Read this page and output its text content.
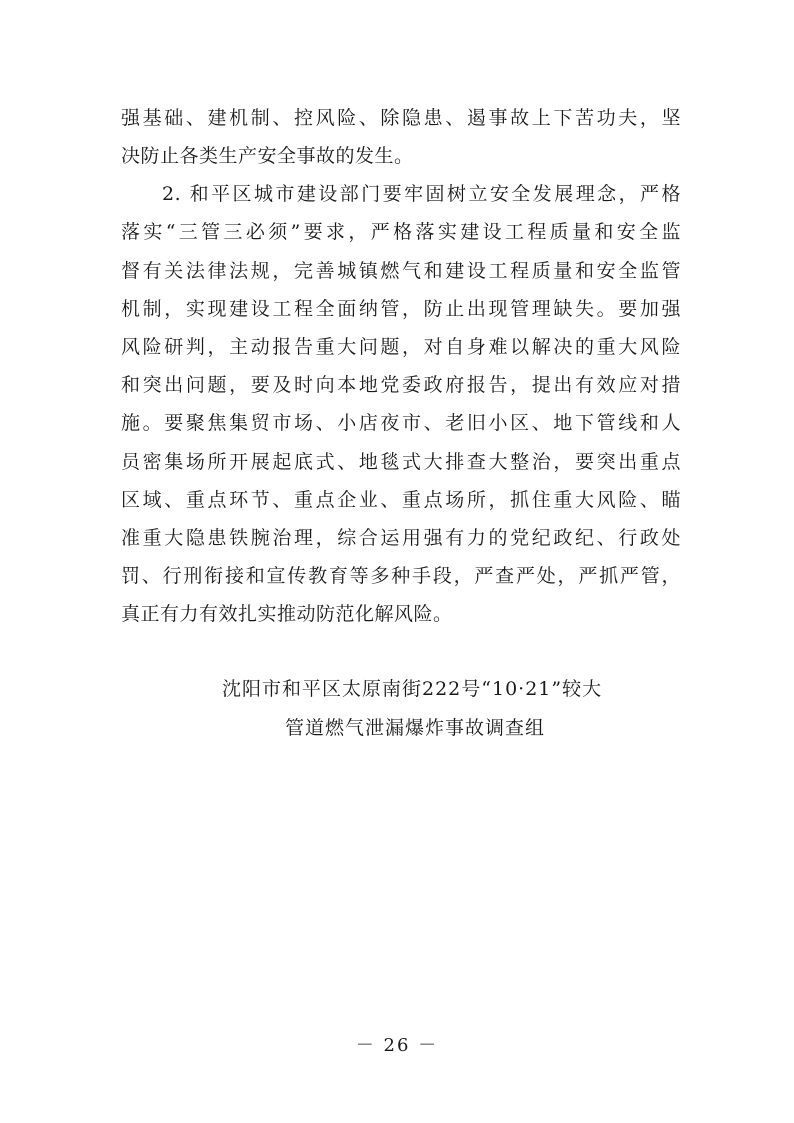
强基础、建机制、控风险、除隐患、遏事故上下苦功夫，坚
决防止各类生产安全事故的发生。
2. 和平区城市建设部门要牢固树立安全发展理念，严格
落实“三管三必须”要求，严格落实建设工程质量和安全监
督有关法律法规，完善城镇燃气和建设工程质量和安全监管
机制，实现建设工程全面纳管，防止出现管理缺失。要加强
风险研判，主动报告重大问题，对自身难以解决的重大风险
和突出问题，要及时向本地党委政府报告，提出有效应对措
施。要聚焦集贸市场、小店夜市、老旧小区、地下管线和人
员密集场所开展起底式、地毯式大排查大整治，要突出重点
区域、重点环节、重点企业、重点场所，抓住重大风险、瞄
准重大隐患铁腕治理，综合运用强有力的党纪政纪、行政处
罚、行刑衔接和宣传教育等多种手段，严查严处，严抓严管，
真正有力有效扎实推动防范化解风险。
沈阳市和平区太原南街222号“10·21”较大
管道燃气泄漏爆炸事故调查组
－ 26 －
